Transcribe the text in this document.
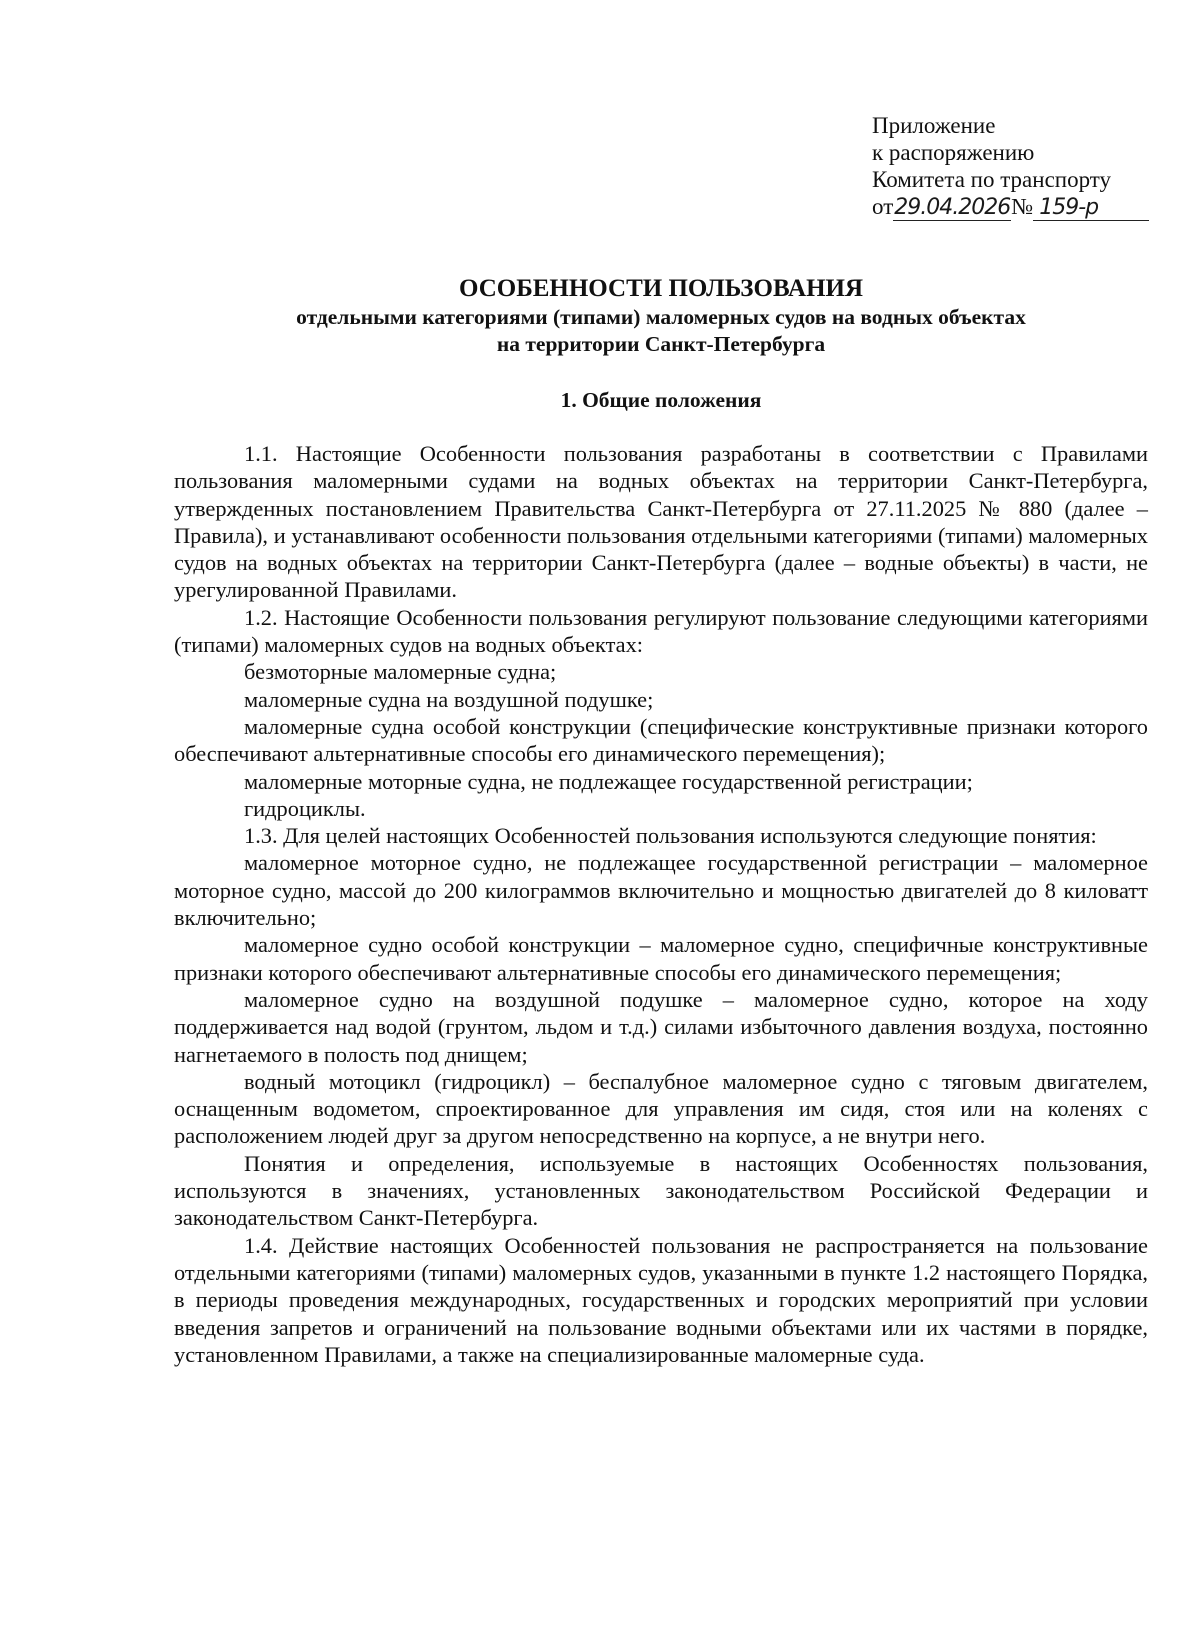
Приложение
к распоряжению
Комитета по транспорту
от29.04.2026№ 159-р

ОСОБЕННОСТИ ПОЛЬЗОВАНИЯ

отдельными категориями (типами) маломерных судов на водных объектах

на территории Санкт-Петербурга

1. Общие положения

1.1. Настоящие Особенности пользования разработаны в соответствии с Правилами пользования маломерными судами на водных объектах на территории Санкт-Петербурга, утвержденных постановлением Правительства Санкт-Петербурга от 27.11.2025 № 880 (далее – Правила), и устанавливают особенности пользования отдельными категориями (типами) маломерных судов на водных объектах на территории Санкт-Петербурга (далее – водные объекты) в части, не урегулированной Правилами.

1.2. Настоящие Особенности пользования регулируют пользование следующими категориями (типами) маломерных судов на водных объектах:

безмоторные маломерные судна;

маломерные судна на воздушной подушке;

маломерные судна особой конструкции (специфические конструктивные признаки которого обеспечивают альтернативные способы его динамического перемещения);

маломерные моторные судна, не подлежащее государственной регистрации;

гидроциклы.

1.3. Для целей настоящих Особенностей пользования используются следующие понятия:

маломерное моторное судно, не подлежащее государственной регистрации – маломерное моторное судно, массой до 200 килограммов включительно и мощностью двигателей до 8 киловатт включительно;

маломерное судно особой конструкции – маломерное судно, специфичные конструктивные признаки которого обеспечивают альтернативные способы его динамического перемещения;

маломерное судно на воздушной подушке – маломерное судно, которое на ходу поддерживается над водой (грунтом, льдом и т.д.) силами избыточного давления воздуха, постоянно нагнетаемого в полость под днищем;

водный мотоцикл (гидроцикл) – беспалубное маломерное судно с тяговым двигателем, оснащенным водометом, спроектированное для управления им сидя, стоя или на коленях с расположением людей друг за другом непосредственно на корпусе, а не внутри него.

Понятия и определения, используемые в настоящих Особенностях пользования, используются в значениях, установленных законодательством Российской Федерации и законодательством Санкт-Петербурга.

1.4. Действие настоящих Особенностей пользования не распространяется на пользование отдельными категориями (типами) маломерных судов, указанными в пункте 1.2 настоящего Порядка, в периоды проведения международных, государственных и городских мероприятий при условии введения запретов и ограничений на пользование водными объектами или их частями в порядке, установленном Правилами, а также на специализированные маломерные суда.
